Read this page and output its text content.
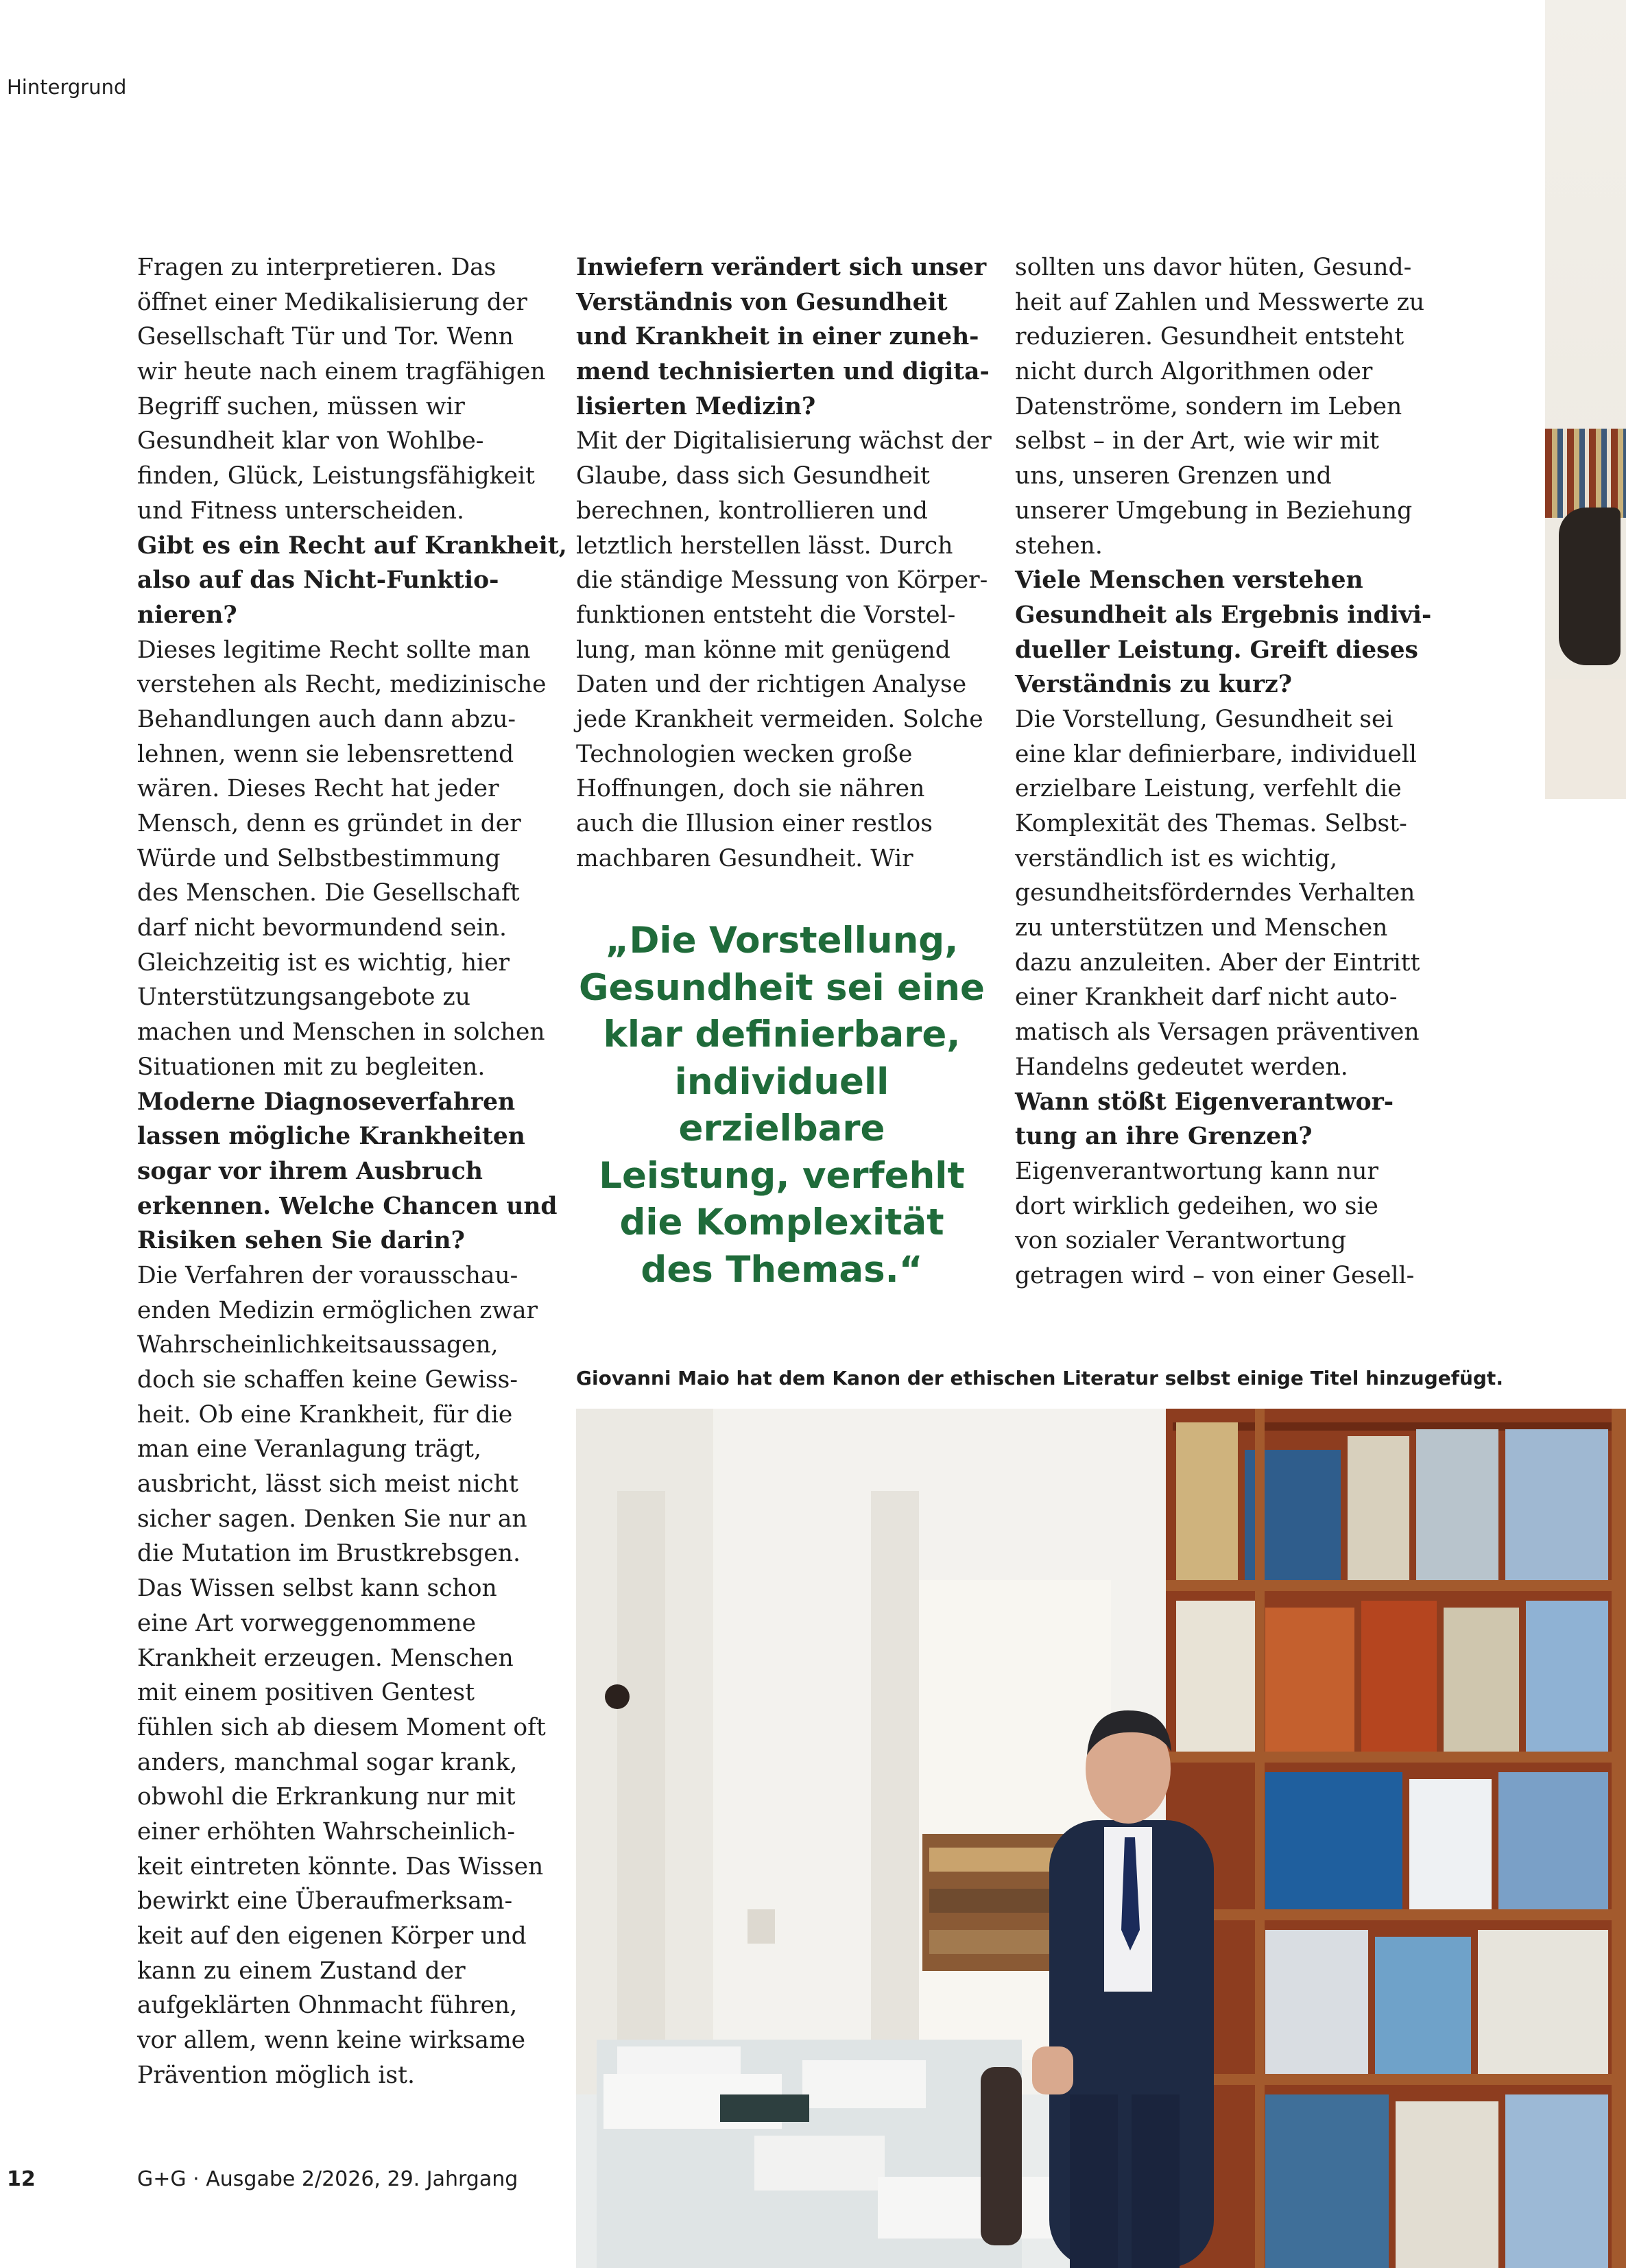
Hintergrund
Fragen zu interpretieren. Das
öffnet einer Medikalisierung der
Gesellschaft Tür und Tor. Wenn
wir heute nach einem tragfähigen
Begriff suchen, müssen wir
Gesundheit klar von Wohlbe-
finden, Glück, Leistungsfähigkeit
und Fitness unterscheiden.
Gibt es ein Recht auf Krankheit,
also auf das Nicht-Funktio-
nieren?
Dieses legitime Recht sollte man
verstehen als Recht, medizinische
Behandlungen auch dann abzu-
lehnen, wenn sie lebensrettend
wären. Dieses Recht hat jeder
Mensch, denn es gründet in der
Würde und Selbstbestimmung
des Menschen. Die Gesellschaft
darf nicht bevormundend sein.
Gleichzeitig ist es wichtig, hier
Unterstützungsangebote zu
machen und Menschen in solchen
Situationen mit zu begleiten.
Moderne Diagnoseverfahren
lassen mögliche Krankheiten
sogar vor ihrem Ausbruch
erkennen. Welche Chancen und
Risiken sehen Sie darin?
Die Verfahren der vorausschau-
enden Medizin ermöglichen zwar
Wahrscheinlichkeitsaussagen,
doch sie schaffen keine Gewiss-
heit. Ob eine Krankheit, für die
man eine Veranlagung trägt,
ausbricht, lässt sich meist nicht
sicher sagen. Denken Sie nur an
die Mutation im Brustkrebsgen.
Das Wissen selbst kann schon
eine Art vorweggenommene
Krankheit erzeugen. Menschen
mit einem positiven Gentest
fühlen sich ab diesem Moment oft
anders, manchmal sogar krank,
obwohl die Erkrankung nur mit
einer erhöhten Wahrscheinlich-
keit eintreten könnte. Das Wissen
bewirkt eine Überaufmerksam-
keit auf den eigenen Körper und
kann zu einem Zustand der
aufgeklärten Ohnmacht führen,
vor allem, wenn keine wirksame
Prävention möglich ist.
Inwiefern verändert sich unser
Verständnis von Gesundheit
und Krankheit in einer zuneh-
mend technisierten und digita-
lisierten Medizin?
Mit der Digitalisierung wächst der
Glaube, dass sich Gesundheit
berechnen, kontrollieren und
letztlich herstellen lässt. Durch
die ständige Messung von Körper-
funktionen entsteht die Vorstel-
lung, man könne mit genügend
Daten und der richtigen Analyse
jede Krankheit vermeiden. Solche
Technologien wecken große
Hoffnungen, doch sie nähren
auch die Illusion einer restlos
machbaren Gesundheit. Wir
sollten uns davor hüten, Gesund-
heit auf Zahlen und Messwerte zu
reduzieren. Gesundheit entsteht
nicht durch Algorithmen oder
Datenströme, sondern im Leben
selbst – in der Art, wie wir mit
uns, unseren Grenzen und
unserer Umgebung in Beziehung
stehen.
Viele Menschen verstehen
Gesundheit als Ergebnis indivi-
dueller Leistung. Greift dieses
Verständnis zu kurz?
Die Vorstellung, Gesundheit sei
eine klar definierbare, individuell
erzielbare Leistung, verfehlt die
Komplexität des Themas. Selbst-
verständlich ist es wichtig,
gesundheitsförderndes Verhalten
zu unterstützen und Menschen
dazu anzuleiten. Aber der Eintritt
einer Krankheit darf nicht auto-
matisch als Versagen präventiven
Handelns gedeutet werden.
Wann stößt Eigenverantwor-
tung an ihre Grenzen?
Eigenverantwortung kann nur
dort wirklich gedeihen, wo sie
von sozialer Verantwortung
getragen wird – von einer Gesell-
„Die Vorstellung,
Gesundheit sei eine
klar definierbare,
individuell
erzielbare
Leistung, verfehlt
die Komplexität
des Themas.“
Giovanni Maio hat dem Kanon der ethischen Literatur selbst einige Titel hinzugefügt.
12	G+G · Ausgabe 2/2026, 29. Jahrgang
